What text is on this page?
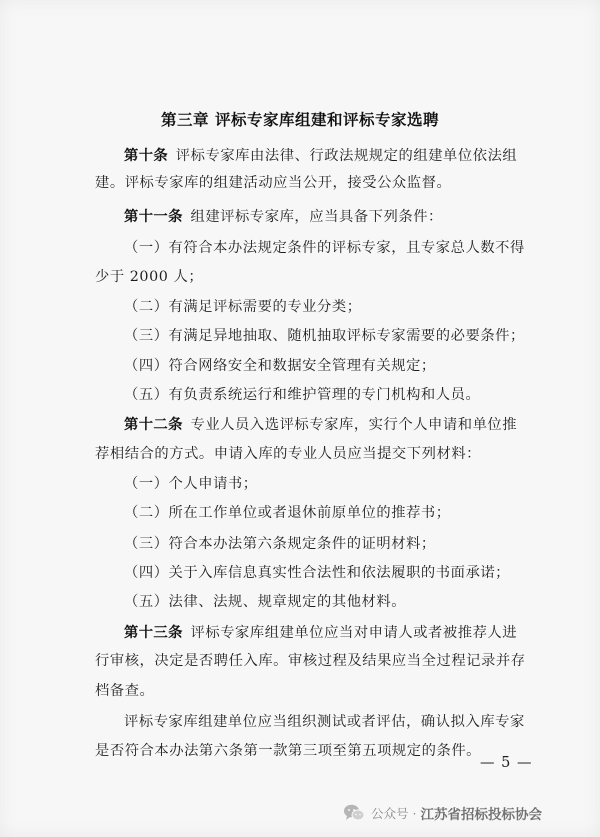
第三章 评标专家库组建和评标专家选聘
第十条  评标专家库由法律、行政法规规定的组建单位依法组
建。评标专家库的组建活动应当公开，接受公众监督。
第十一条  组建评标专家库，应当具备下列条件：
（一）有符合本办法规定条件的评标专家，且专家总人数不得
少于 2000 人；
（二）有满足评标需要的专业分类；
（三）有满足异地抽取、随机抽取评标专家需要的必要条件；
（四）符合网络安全和数据安全管理有关规定；
（五）有负责系统运行和维护管理的专门机构和人员。
第十二条  专业人员入选评标专家库，实行个人申请和单位推
荐相结合的方式。申请入库的专业人员应当提交下列材料：
（一）个人申请书；
（二）所在工作单位或者退休前原单位的推荐书；
（三）符合本办法第六条规定条件的证明材料；
（四）关于入库信息真实性合法性和依法履职的书面承诺；
（五）法律、法规、规章规定的其他材料。
第十三条  评标专家库组建单位应当对申请人或者被推荐人进
行审核，决定是否聘任入库。审核过程及结果应当全过程记录并存
档备查。
评标专家库组建单位应当组织测试或者评估，确认拟入库专家
是否符合本办法第六条第一款第三项至第五项规定的条件。
— 5 —
公众号 · 江苏省招标投标协会
